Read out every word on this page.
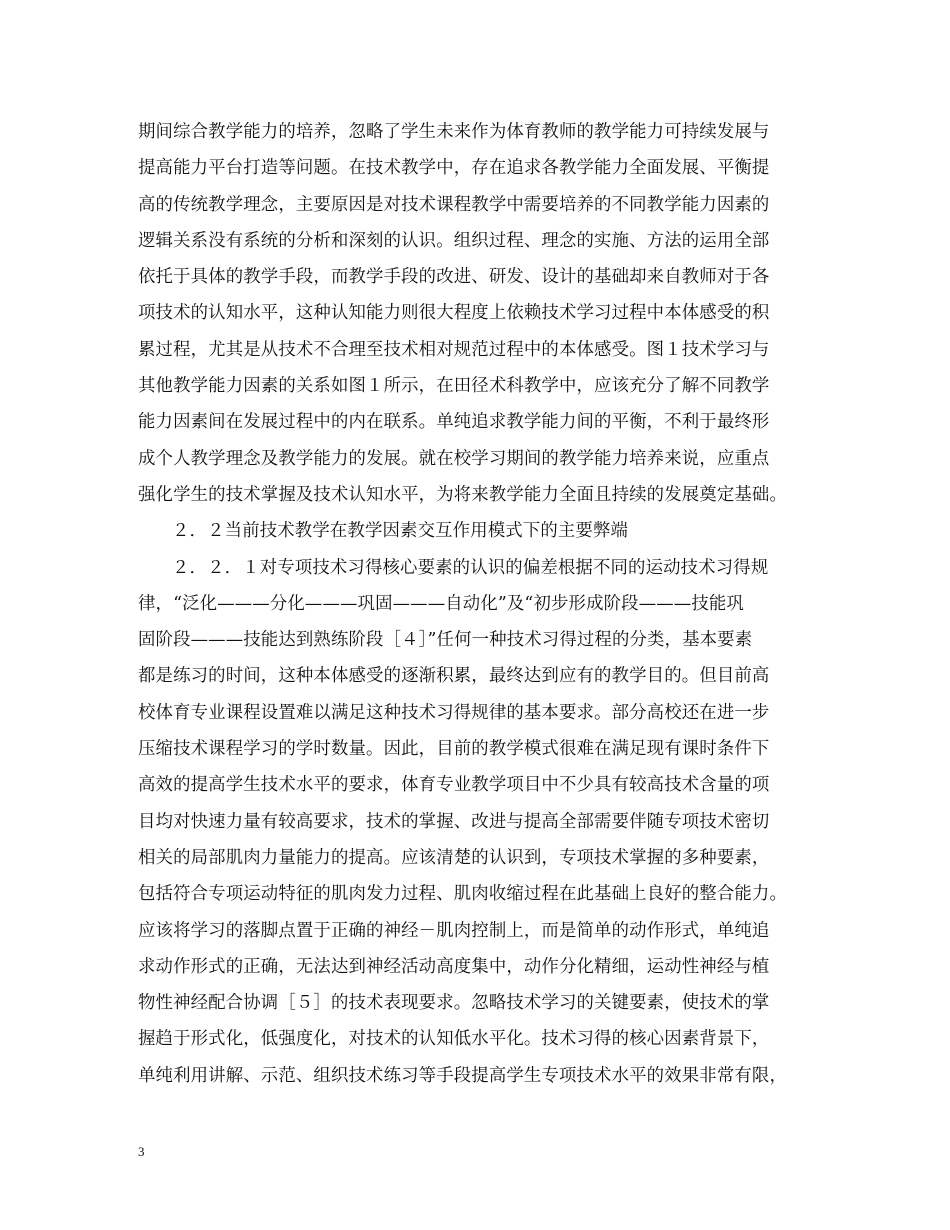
期间综合教学能力的培养，忽略了学生未来作为体育教师的教学能力可持续发展与
提高能力平台打造等问题。在技术教学中，存在追求各教学能力全面发展、平衡提
高的传统教学理念，主要原因是对技术课程教学中需要培养的不同教学能力因素的
逻辑关系没有系统的分析和深刻的认识。组织过程、理念的实施、方法的运用全部
依托于具体的教学手段，而教学手段的改进、研发、设计的基础却来自教师对于各
项技术的认知水平，这种认知能力则很大程度上依赖技术学习过程中本体感受的积
累过程，尤其是从技术不合理至技术相对规范过程中的本体感受。图１技术学习与
其他教学能力因素的关系如图１所示，在田径术科教学中，应该充分了解不同教学
能力因素间在发展过程中的内在联系。单纯追求教学能力间的平衡，不利于最终形
成个人教学理念及教学能力的发展。就在校学习期间的教学能力培养来说，应重点
强化学生的技术掌握及技术认知水平，为将来教学能力全面且持续的发展奠定基础。
２．２当前技术教学在教学因素交互作用模式下的主要弊端
２．２．１对专项技术习得核心要素的认识的偏差根据不同的运动技术习得规
律，“泛化———分化———巩固———自动化”及“初步形成阶段———技能巩
固阶段———技能达到熟练阶段［４］”任何一种技术习得过程的分类，基本要素
都是练习的时间，这种本体感受的逐渐积累，最终达到应有的教学目的。但目前高
校体育专业课程设置难以满足这种技术习得规律的基本要求。部分高校还在进一步
压缩技术课程学习的学时数量。因此，目前的教学模式很难在满足现有课时条件下
高效的提高学生技术水平的要求，体育专业教学项目中不少具有较高技术含量的项
目均对快速力量有较高要求，技术的掌握、改进与提高全部需要伴随专项技术密切
相关的局部肌肉力量能力的提高。应该清楚的认识到，专项技术掌握的多种要素，
包括符合专项运动特征的肌肉发力过程、肌肉收缩过程在此基础上良好的整合能力。
应该将学习的落脚点置于正确的神经－肌肉控制上，而是简单的动作形式，单纯追
求动作形式的正确，无法达到神经活动高度集中，动作分化精细，运动性神经与植
物性神经配合协调［５］的技术表现要求。忽略技术学习的关键要素，使技术的掌
握趋于形式化，低强度化，对技术的认知低水平化。技术习得的核心因素背景下，
单纯利用讲解、示范、组织技术练习等手段提高学生专项技术水平的效果非常有限，
3
